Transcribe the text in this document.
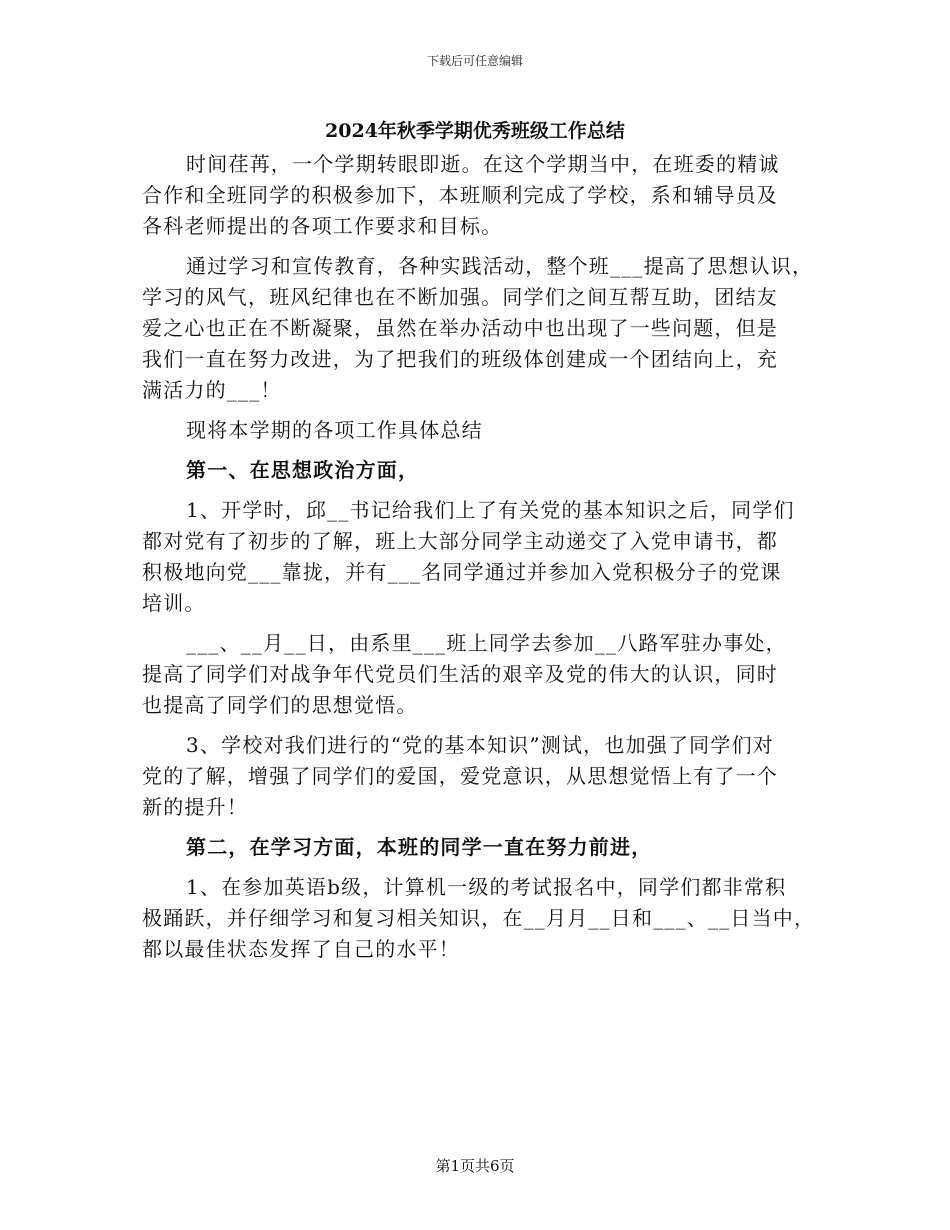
下载后可任意编辑
2024年秋季学期优秀班级工作总结
时间荏苒，一个学期转眼即逝。在这个学期当中，在班委的精诚
合作和全班同学的积极参加下，本班顺利完成了学校，系和辅导员及
各科老师提出的各项工作要求和目标。
通过学习和宣传教育，各种实践活动，整个班___提高了思想认识，
学习的风气，班风纪律也在不断加强。同学们之间互帮互助，团结友
爱之心也正在不断凝聚，虽然在举办活动中也出现了一些问题，但是
我们一直在努力改进，为了把我们的班级体创建成一个团结向上，充
满活力的___！
现将本学期的各项工作具体总结
第一、在思想政治方面，
1、开学时，邱__书记给我们上了有关党的基本知识之后，同学们
都对党有了初步的了解，班上大部分同学主动递交了入党申请书，都
积极地向党___靠拢，并有___名同学通过并参加入党积极分子的党课
培训。
___、__月__日，由系里___班上同学去参加__八路军驻办事处，
提高了同学们对战争年代党员们生活的艰辛及党的伟大的认识，同时
也提高了同学们的思想觉悟。
3、学校对我们进行的“党的基本知识”测试，也加强了同学们对
党的了解，增强了同学们的爱国，爱党意识，从思想觉悟上有了一个
新的提升！
第二，在学习方面，本班的同学一直在努力前进，
1、在参加英语b级，计算机一级的考试报名中，同学们都非常积
极踊跃，并仔细学习和复习相关知识，在__月月__日和___、__日当中，
都以最佳状态发挥了自己的水平！
第1页共6页
